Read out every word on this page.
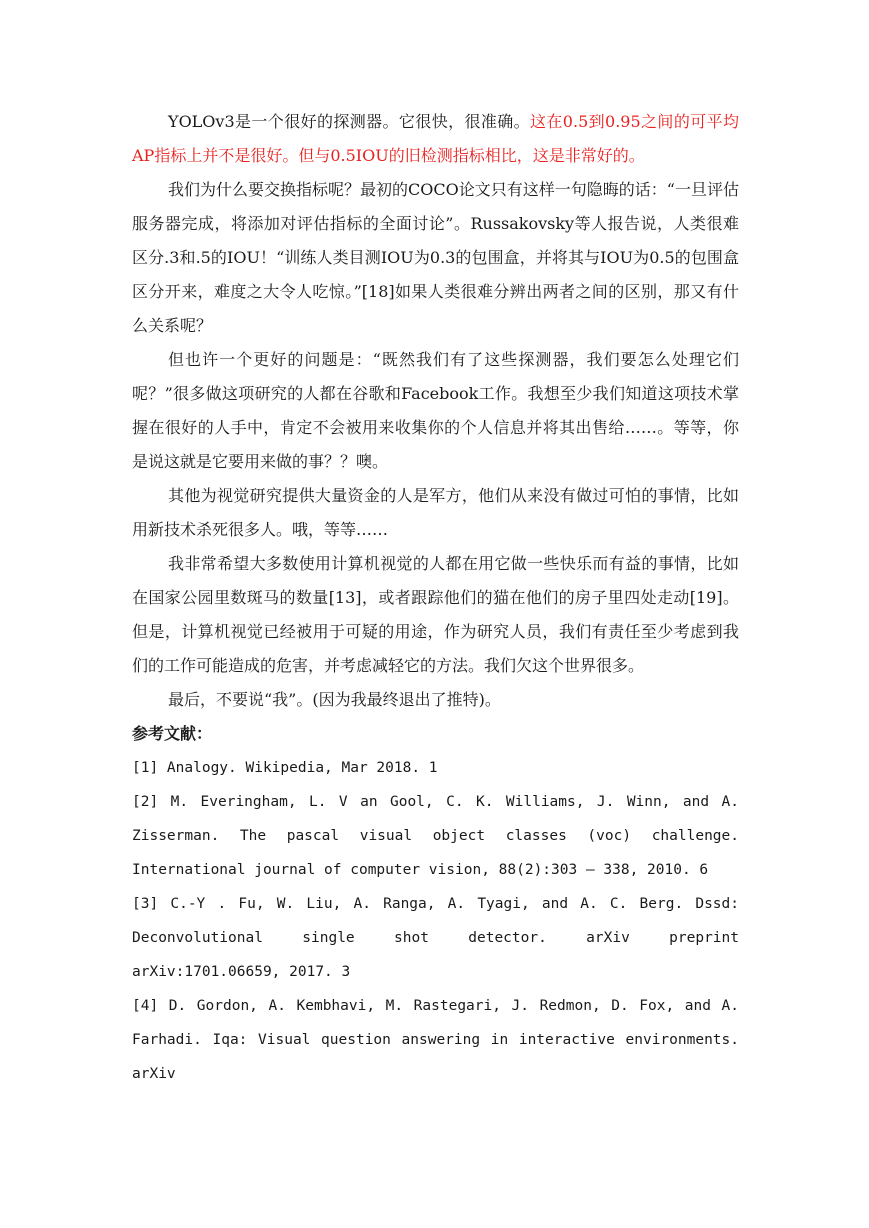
YOLOv3是一个很好的探测器。它很快，很准确。这在0.5到0.95之间的可平均AP指标上并不是很好。但与0.5IOU的旧检测指标相比，这是非常好的。

我们为什么要交换指标呢？最初的COCO论文只有这样一句隐晦的话：“一旦评估服务器完成，将添加对评估指标的全面讨论”。Russakovsky等人报告说，人类很难区分.3和.5的IOU！“训练人类目测IOU为0.3的包围盒，并将其与IOU为0.5的包围盒区分开来，难度之大令人吃惊。”[18]如果人类很难分辨出两者之间的区别，那又有什么关系呢？

但也许一个更好的问题是：“既然我们有了这些探测器，我们要怎么处理它们呢？”很多做这项研究的人都在谷歌和Facebook工作。我想至少我们知道这项技术掌握在很好的人手中，肯定不会被用来收集你的个人信息并将其出售给……。等等，你是说这就是它要用来做的事？？噢。

其他为视觉研究提供大量资金的人是军方，他们从来没有做过可怕的事情，比如用新技术杀死很多人。哦，等等……

我非常希望大多数使用计算机视觉的人都在用它做一些快乐而有益的事情，比如在国家公园里数斑马的数量[13]，或者跟踪他们的猫在他们的房子里四处走动[19]。但是，计算机视觉已经被用于可疑的用途，作为研究人员，我们有责任至少考虑到我们的工作可能造成的危害，并考虑减轻它的方法。我们欠这个世界很多。

最后，不要说“我”。(因为我最终退出了推特)。

参考文献：

[1] Analogy. Wikipedia, Mar 2018. 1

[2] M. Everingham, L. V an Gool, C. K. Williams, J. Winn, and A. Zisserman. The pascal visual object classes (voc) challenge. International journal of computer vision, 88(2):303 – 338, 2010. 6

[3] C.-Y . Fu, W. Liu, A. Ranga, A. Tyagi, and A. C. Berg. Dssd: Deconvolutional single shot detector. arXiv preprint arXiv:1701.06659, 2017. 3

[4] D. Gordon, A. Kembhavi, M. Rastegari, J. Redmon, D. Fox, and A. Farhadi. Iqa: Visual question answering in interactive environments. arXiv
